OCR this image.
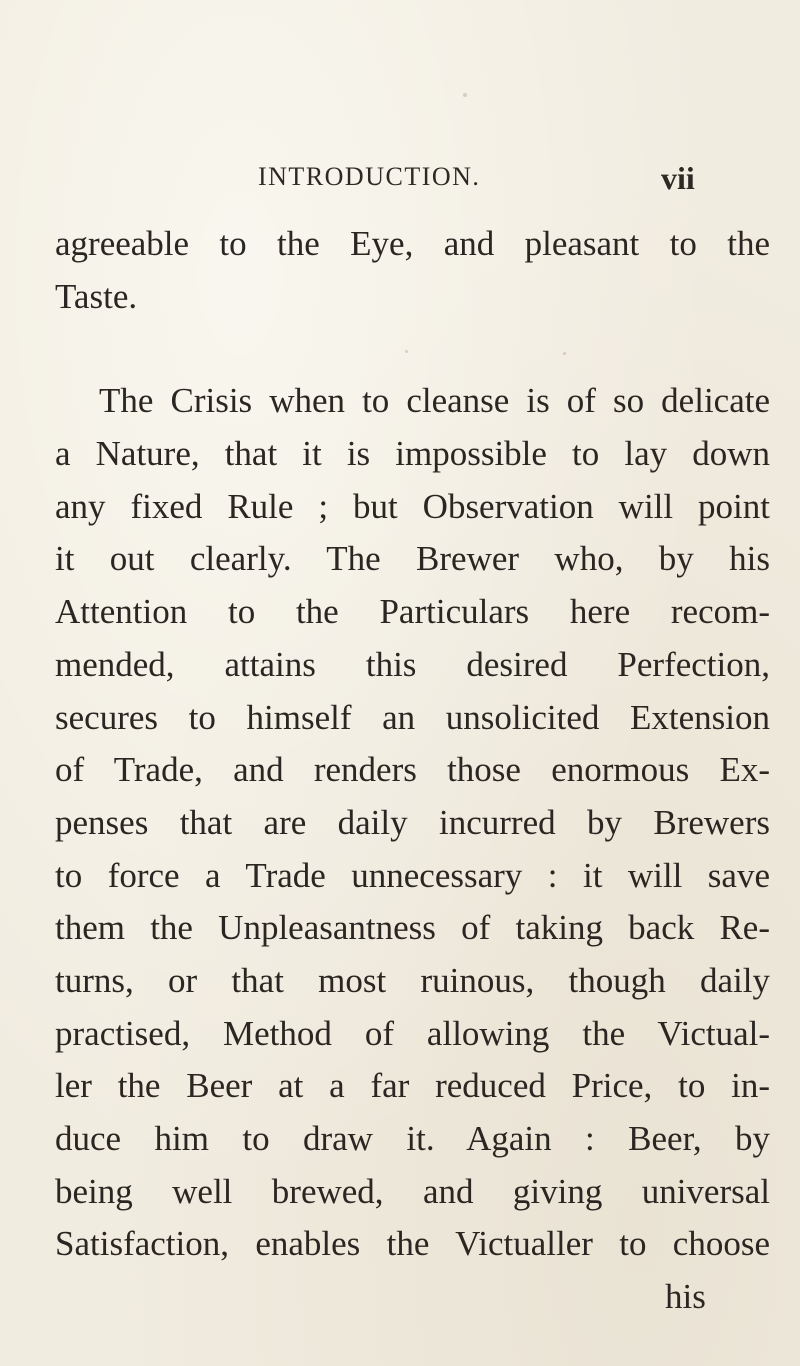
INTRODUCTION.	vii
agreeable to the Eye, and pleasant to the
Taste.
The Crisis when to cleanse is of so delicate
a Nature, that it is impossible to lay down
any fixed Rule ; but Observation will point
it out clearly. The Brewer who, by his
Attention to the Particulars here recom-
mended, attains this desired Perfection,
secures to himself an unsolicited Extension
of Trade, and renders those enormous Ex-
penses that are daily incurred by Brewers
to force a Trade unnecessary : it will save
them the Unpleasantness of taking back Re-
turns, or that most ruinous, though daily
practised, Method of allowing the Victual-
ler the Beer at a far reduced Price, to in-
duce him to draw it. Again : Beer, by
being well brewed, and giving universal
Satisfaction, enables the Victualler to choose
his
